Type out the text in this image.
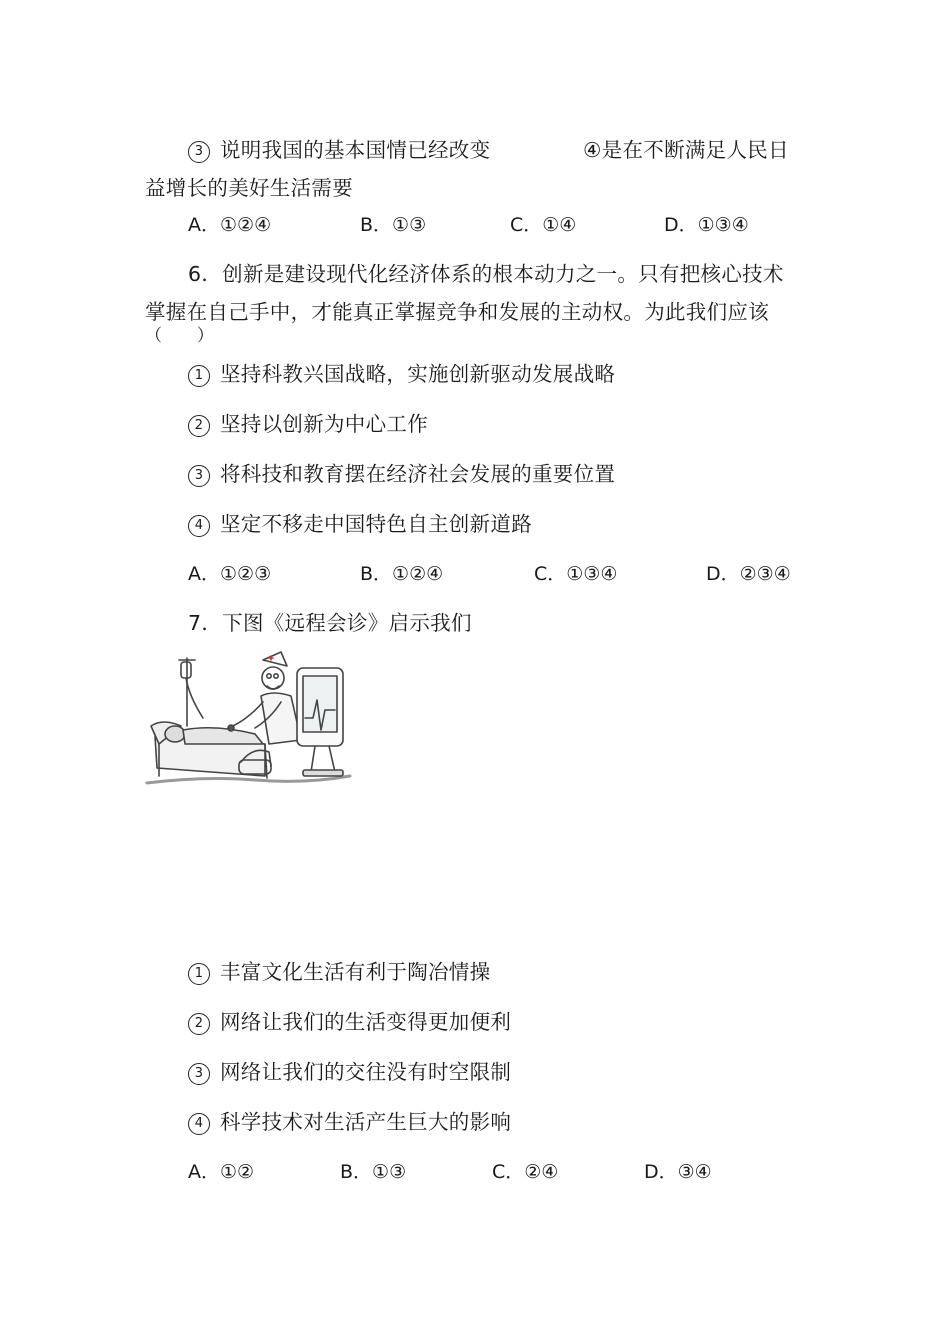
3 说明我国的基本国情已经改变	④是在不断满足人民日
益增长的美好生活需要
A．①②④	B．①③	C．①④	D．①③④
6．创新是建设现代化经济体系的根本动力之一。只有把核心技术
掌握在自己手中，才能真正掌握竞争和发展的主动权。为此我们应该
（　　）
1 坚持科教兴国战略，实施创新驱动发展战略
2 坚持以创新为中心工作
3 将科技和教育摆在经济社会发展的重要位置
4 坚定不移走中国特色自主创新道路
A．①②③	B．①②④	C．①③④	D．②③④
7．下图《远程会诊》启示我们
1 丰富文化生活有利于陶冶情操
2 网络让我们的生活变得更加便利
3 网络让我们的交往没有时空限制
4 科学技术对生活产生巨大的影响
A．①②	B．①③	C．②④	D．③④
